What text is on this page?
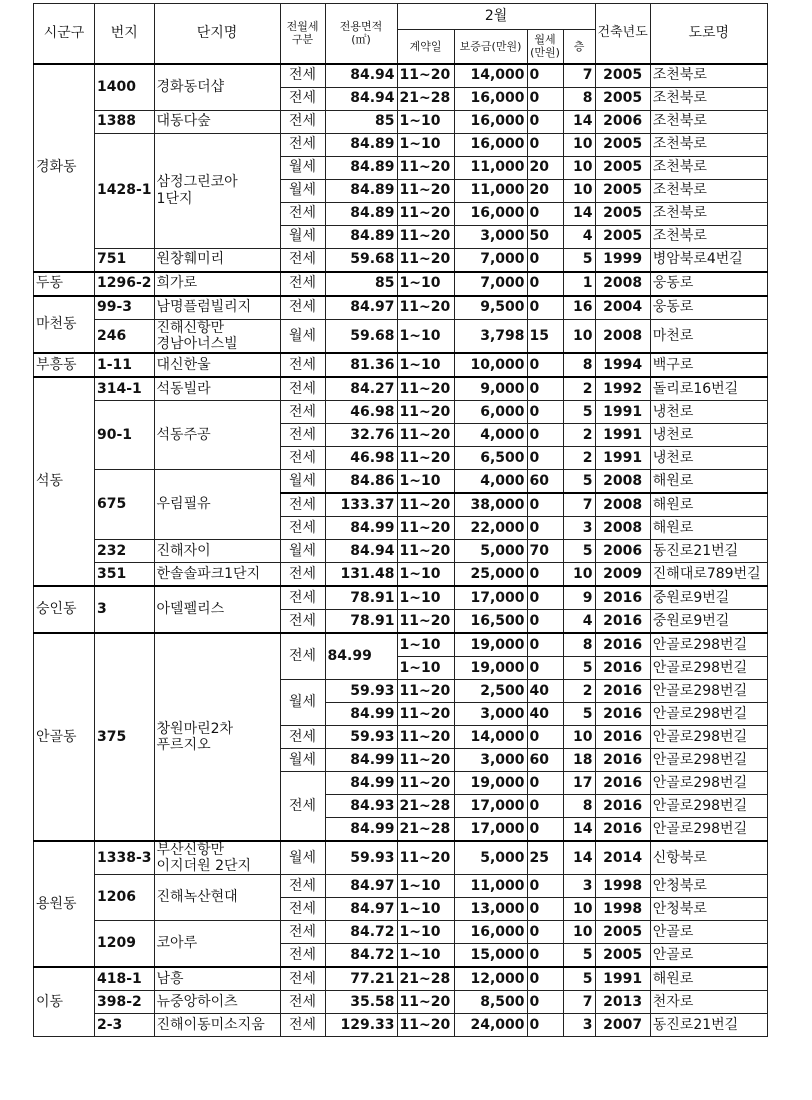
시군구	번지	단지명	전월세
구분	전용면적
(㎡)	2월				건축년도	도로명
					계약일	보증금(만원)	월세
(만원)	층		
경화동	1400	경화동더샵	전세	84.94	11~20	14,000	0	7	2005	조천북로
			전세	84.94	21~28	16,000	0	8	2005	조천북로
	1388	대동다숲	전세	85	1~10	16,000	0	14	2006	조천북로
	1428-1	삼정그린코아
1단지	전세	84.89	1~10	16,000	0	10	2005	조천북로
			월세	84.89	11~20	11,000	20	10	2005	조천북로
			월세	84.89	11~20	11,000	20	10	2005	조천북로
			전세	84.89	11~20	16,000	0	14	2005	조천북로
			월세	84.89	11~20	3,000	50	4	2005	조천북로
	751	원창훼미리	전세	59.68	11~20	7,000	0	5	1999	병암북로4번길
두동	1296-2	희가로	전세	85	1~10	7,000	0	1	2008	웅동로
마천동	99-3	남명플럼빌리지	전세	84.97	11~20	9,500	0	16	2004	웅동로
	246	진해신항만
경남아너스빌	월세	59.68	1~10	3,798	15	10	2008	마천로
부흥동	1-11	대신한울	전세	81.36	1~10	10,000	0	8	1994	백구로
석동	314-1	석동빌라	전세	84.27	11~20	9,000	0	2	1992	돌리로16번길
	90-1	석동주공	전세	46.98	11~20	6,000	0	5	1991	냉천로
			전세	32.76	11~20	4,000	0	2	1991	냉천로
			전세	46.98	11~20	6,500	0	2	1991	냉천로
	675	우림필유	월세	84.86	1~10	4,000	60	5	2008	해원로
			전세	133.37	11~20	38,000	0	7	2008	해원로
			전세	84.99	11~20	22,000	0	3	2008	해원로
	232	진해자이	월세	84.94	11~20	5,000	70	5	2006	동진로21번길
	351	한솔솔파크1단지	전세	131.48	1~10	25,000	0	10	2009	진해대로789번길
숭인동	3	아델펠리스	전세	78.91	1~10	17,000	0	9	2016	중원로9번길
			전세	78.91	11~20	16,500	0	4	2016	중원로9번길
안골동	375	창원마린2차
푸르지오	전세	84.99	1~10	19,000	0	8	2016	안골로298번길
					1~10	19,000	0	5	2016	안골로298번길
			월세	59.93	11~20	2,500	40	2	2016	안골로298번길
				84.99	11~20	3,000	40	5	2016	안골로298번길
			전세	59.93	11~20	14,000	0	10	2016	안골로298번길
			월세	84.99	11~20	3,000	60	18	2016	안골로298번길
			전세	84.99	11~20	19,000	0	17	2016	안골로298번길
				84.93	21~28	17,000	0	8	2016	안골로298번길
				84.99	21~28	17,000	0	14	2016	안골로298번길
용원동	1338-3	부산신항만
이지더원 2단지	월세	59.93	11~20	5,000	25	14	2014	신항북로
	1206	진해녹산현대	전세	84.97	1~10	11,000	0	3	1998	안청북로
			전세	84.97	1~10	13,000	0	10	1998	안청북로
	1209	코아루	전세	84.72	1~10	16,000	0	10	2005	안골로
			전세	84.72	1~10	15,000	0	5	2005	안골로
이동	418-1	남흥	전세	77.21	21~28	12,000	0	5	1991	해원로
	398-2	뉴중앙하이츠	전세	35.58	11~20	8,500	0	7	2013	천자로
	2-3	진해이동미소지움	전세	129.33	11~20	24,000	0	3	2007	동진로21번길
